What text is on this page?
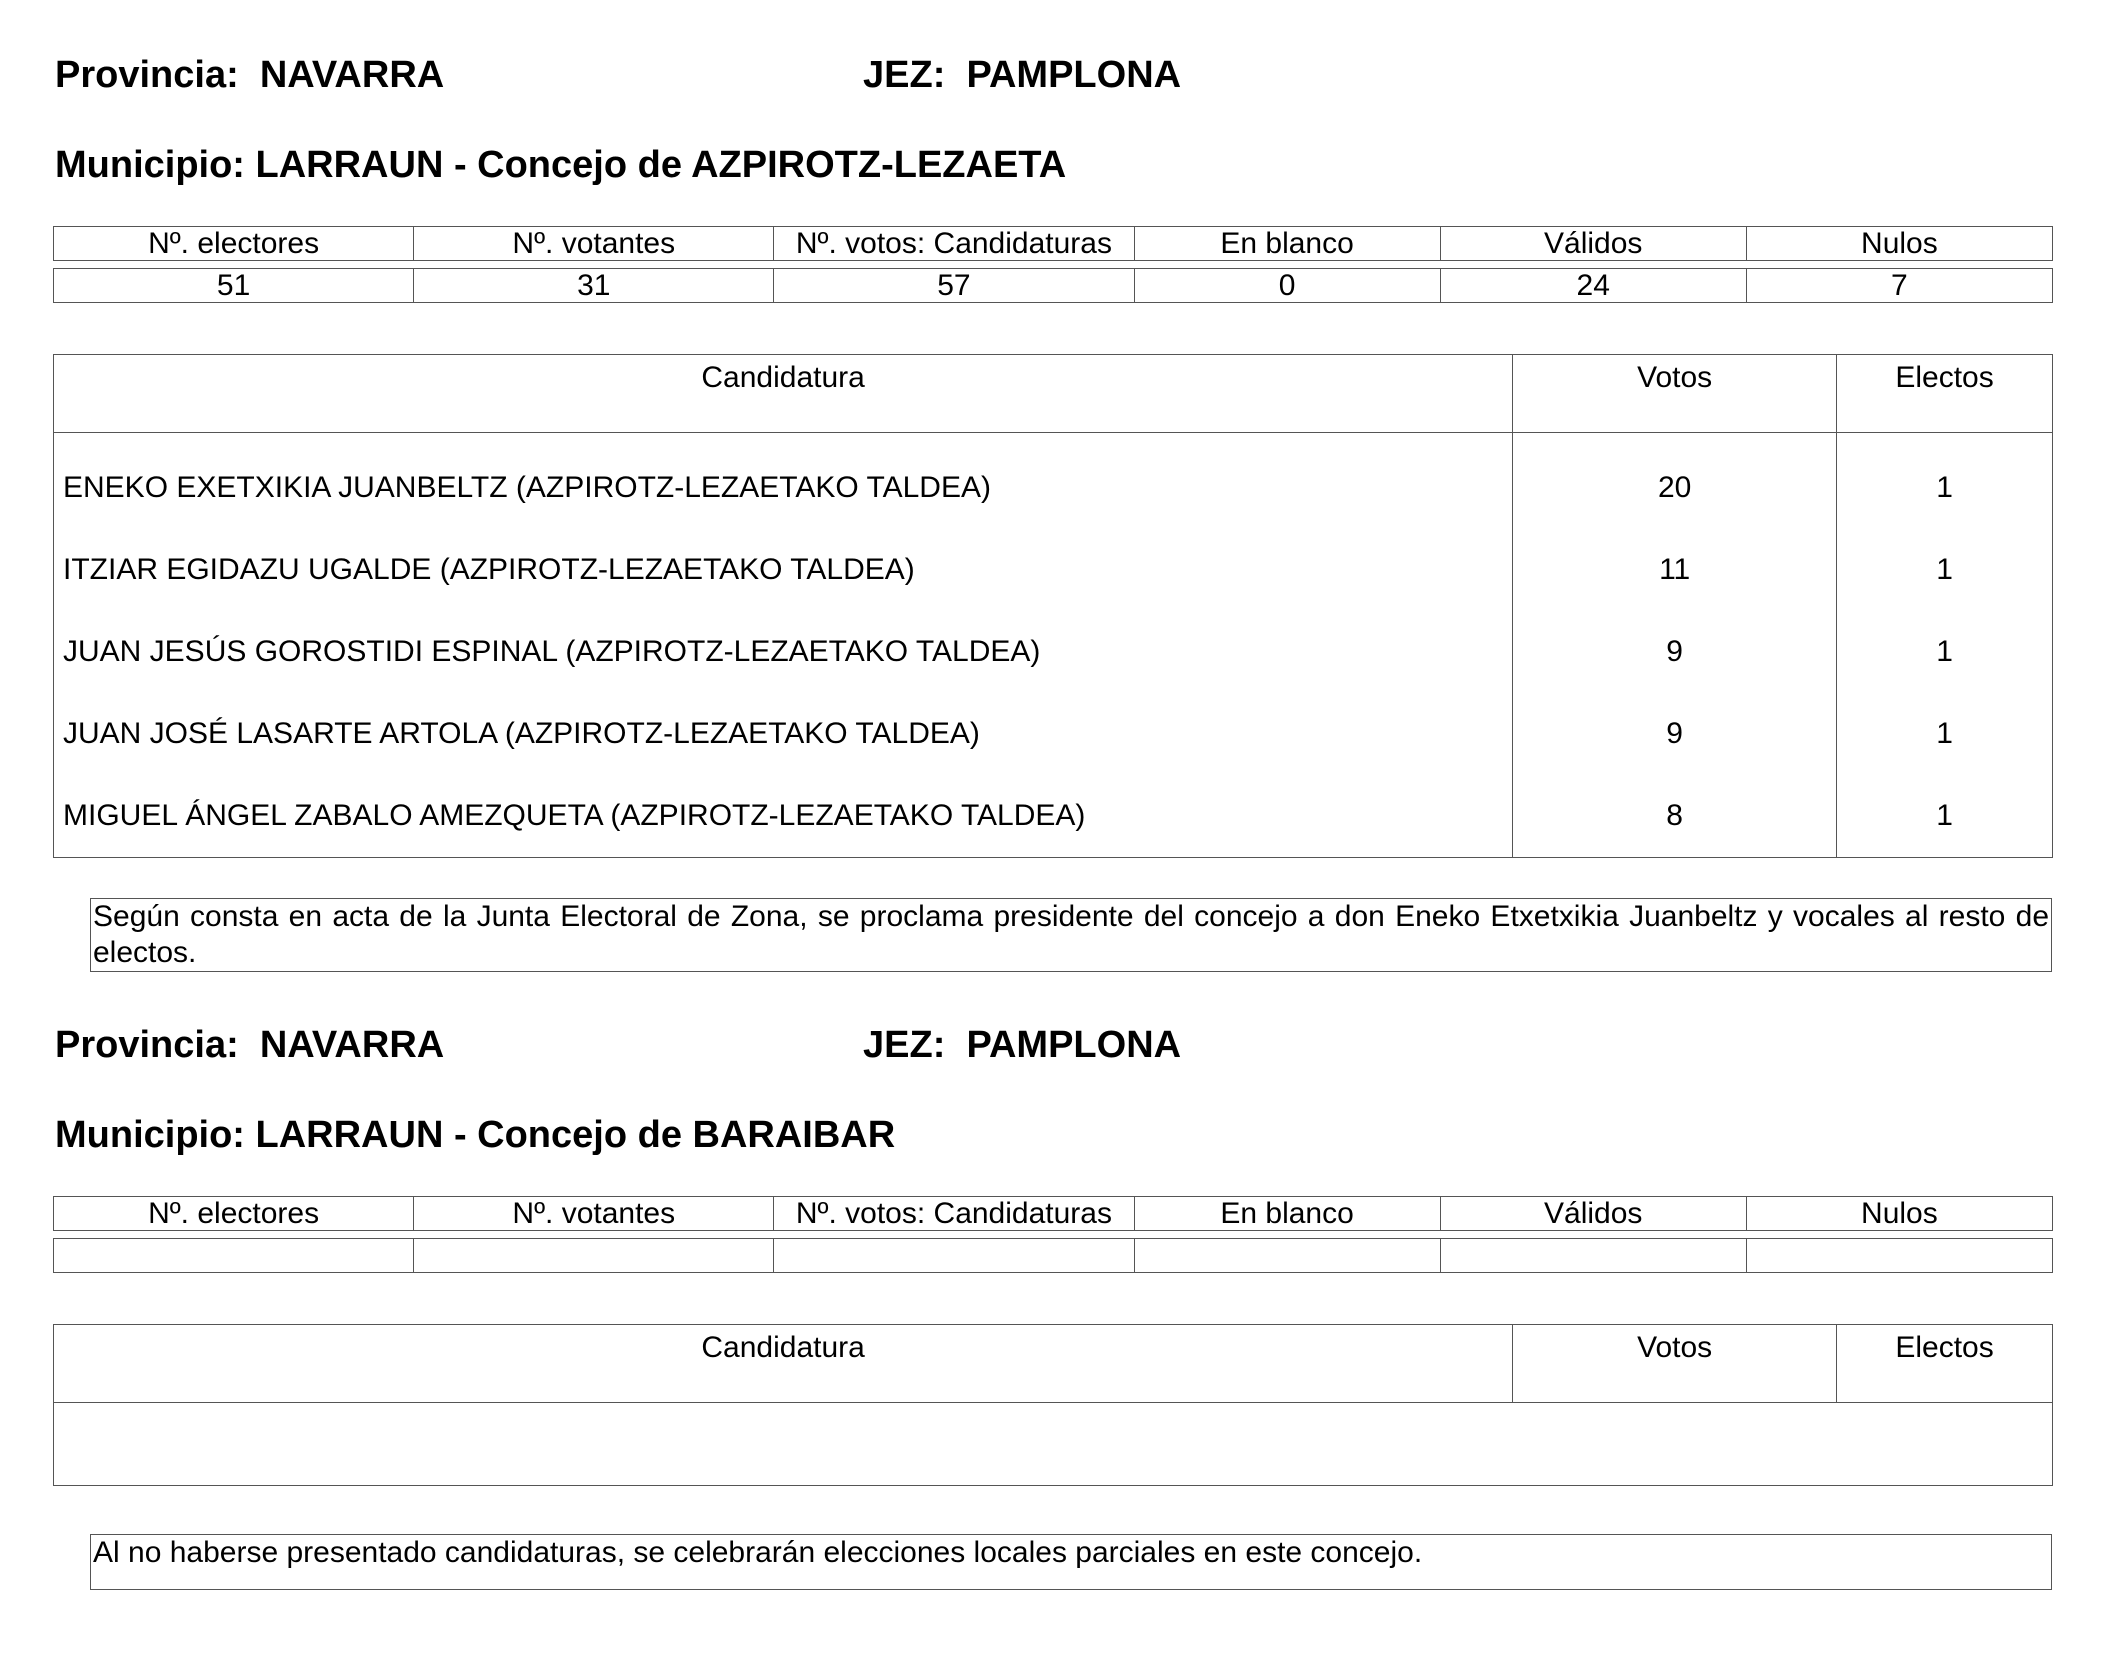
Provincia:  NAVARRA	JEZ:  PAMPLONA
Municipio: LARRAUN - Concejo de AZPIROTZ-LEZAETA
Nº. electores	Nº. votantes	Nº. votos: Candidaturas	En blanco	Válidos	Nulos
51	31	57	0	24	7
Candidatura	Votos	Electos
ENEKO EXETXIKIA JUANBELTZ (AZPIROTZ-LEZAETAKO TALDEA)	20	1
ITZIAR EGIDAZU UGALDE (AZPIROTZ-LEZAETAKO TALDEA)	11	1
JUAN JESÚS GOROSTIDI ESPINAL (AZPIROTZ-LEZAETAKO TALDEA)	9	1
JUAN JOSÉ LASARTE ARTOLA (AZPIROTZ-LEZAETAKO TALDEA)	9	1
MIGUEL ÁNGEL ZABALO AMEZQUETA (AZPIROTZ-LEZAETAKO TALDEA)	8	1
Según consta en acta de la Junta Electoral de Zona, se proclama presidente del concejo a don Eneko Etxetxikia Juanbeltz y vocales al resto de electos.
Provincia:  NAVARRA	JEZ:  PAMPLONA
Municipio: LARRAUN - Concejo de BARAIBAR
Nº. electores	Nº. votantes	Nº. votos: Candidaturas	En blanco	Válidos	Nulos

Candidatura	Votos	Electos

Al no haberse presentado candidaturas, se celebrarán elecciones locales parciales en este concejo.
